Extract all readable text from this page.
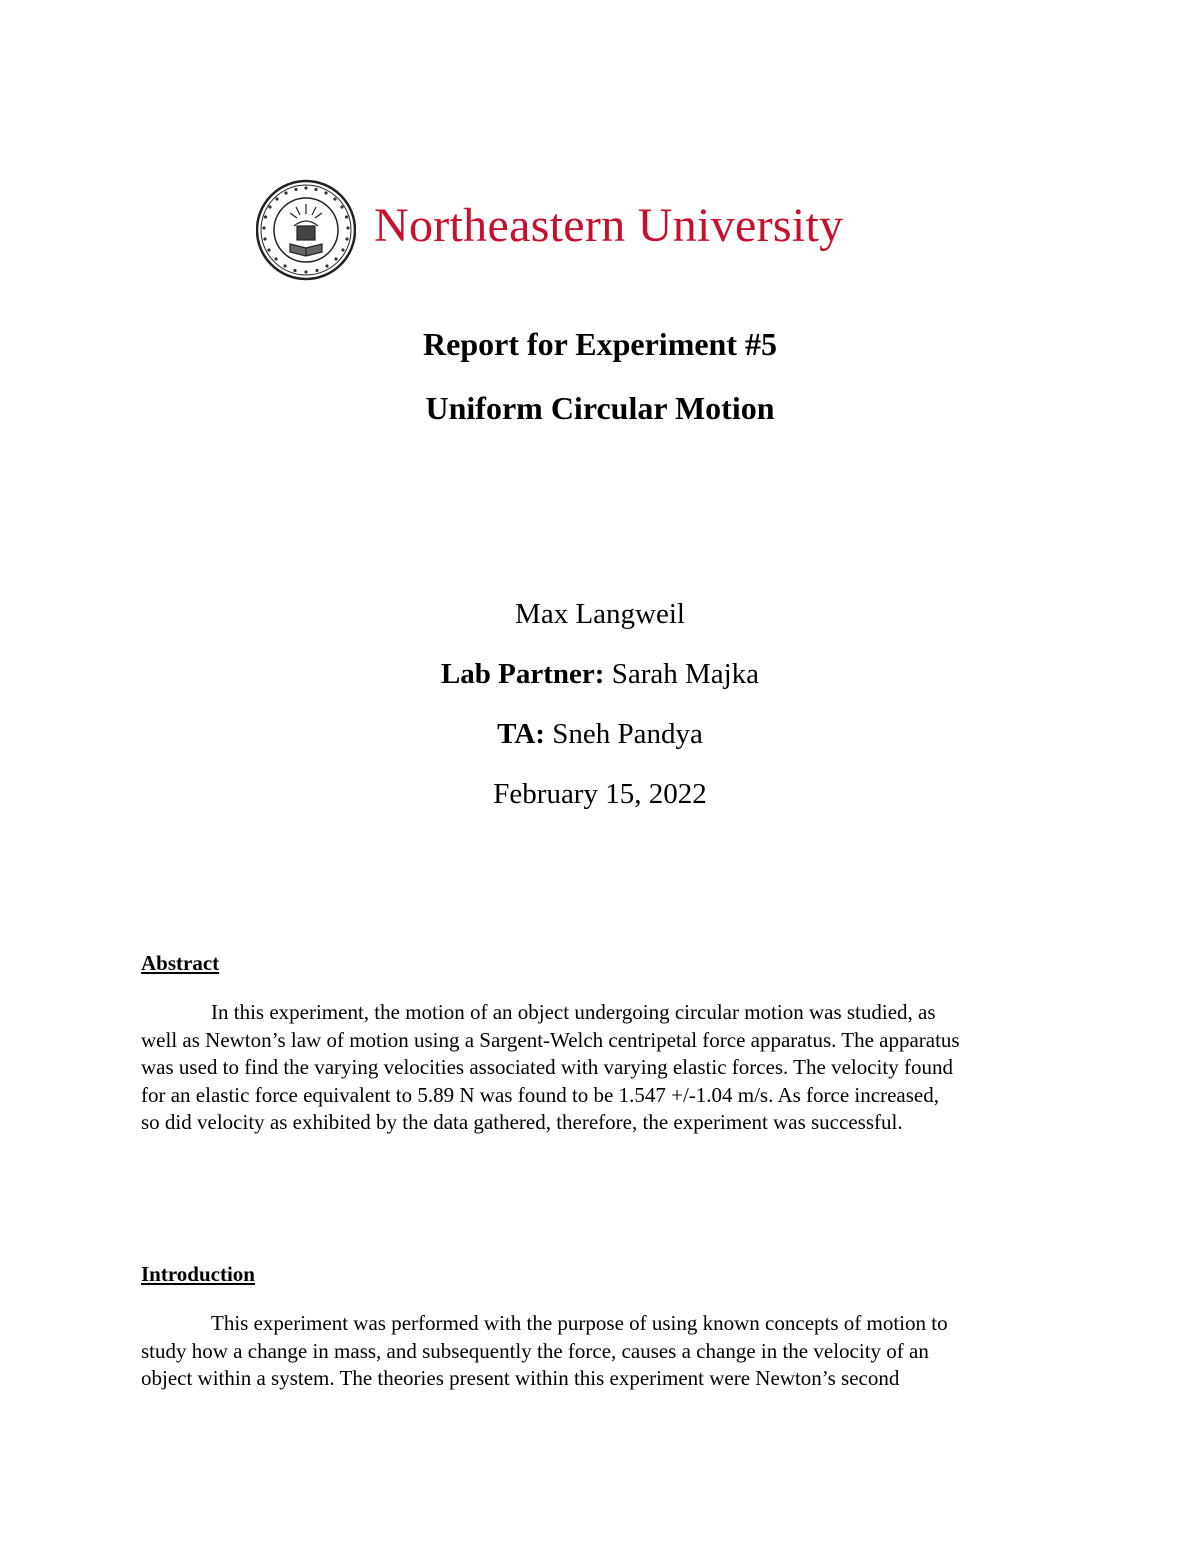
Northeastern University
Report for Experiment #5
Uniform Circular Motion
Max Langweil
Lab Partner: Sarah Majka
TA: Sneh Pandya
February 15, 2022
Abstract
In this experiment, the motion of an object undergoing circular motion was studied, as
well as Newton’s law of motion using a Sargent-Welch centripetal force apparatus. The apparatus
was used to find the varying velocities associated with varying elastic forces. The velocity found
for an elastic force equivalent to 5.89 N was found to be 1.547 +/-1.04 m/s. As force increased,
so did velocity as exhibited by the data gathered, therefore, the experiment was successful.
Introduction
This experiment was performed with the purpose of using known concepts of motion to
study how a change in mass, and subsequently the force, causes a change in the velocity of an
object within a system. The theories present within this experiment were Newton’s second
